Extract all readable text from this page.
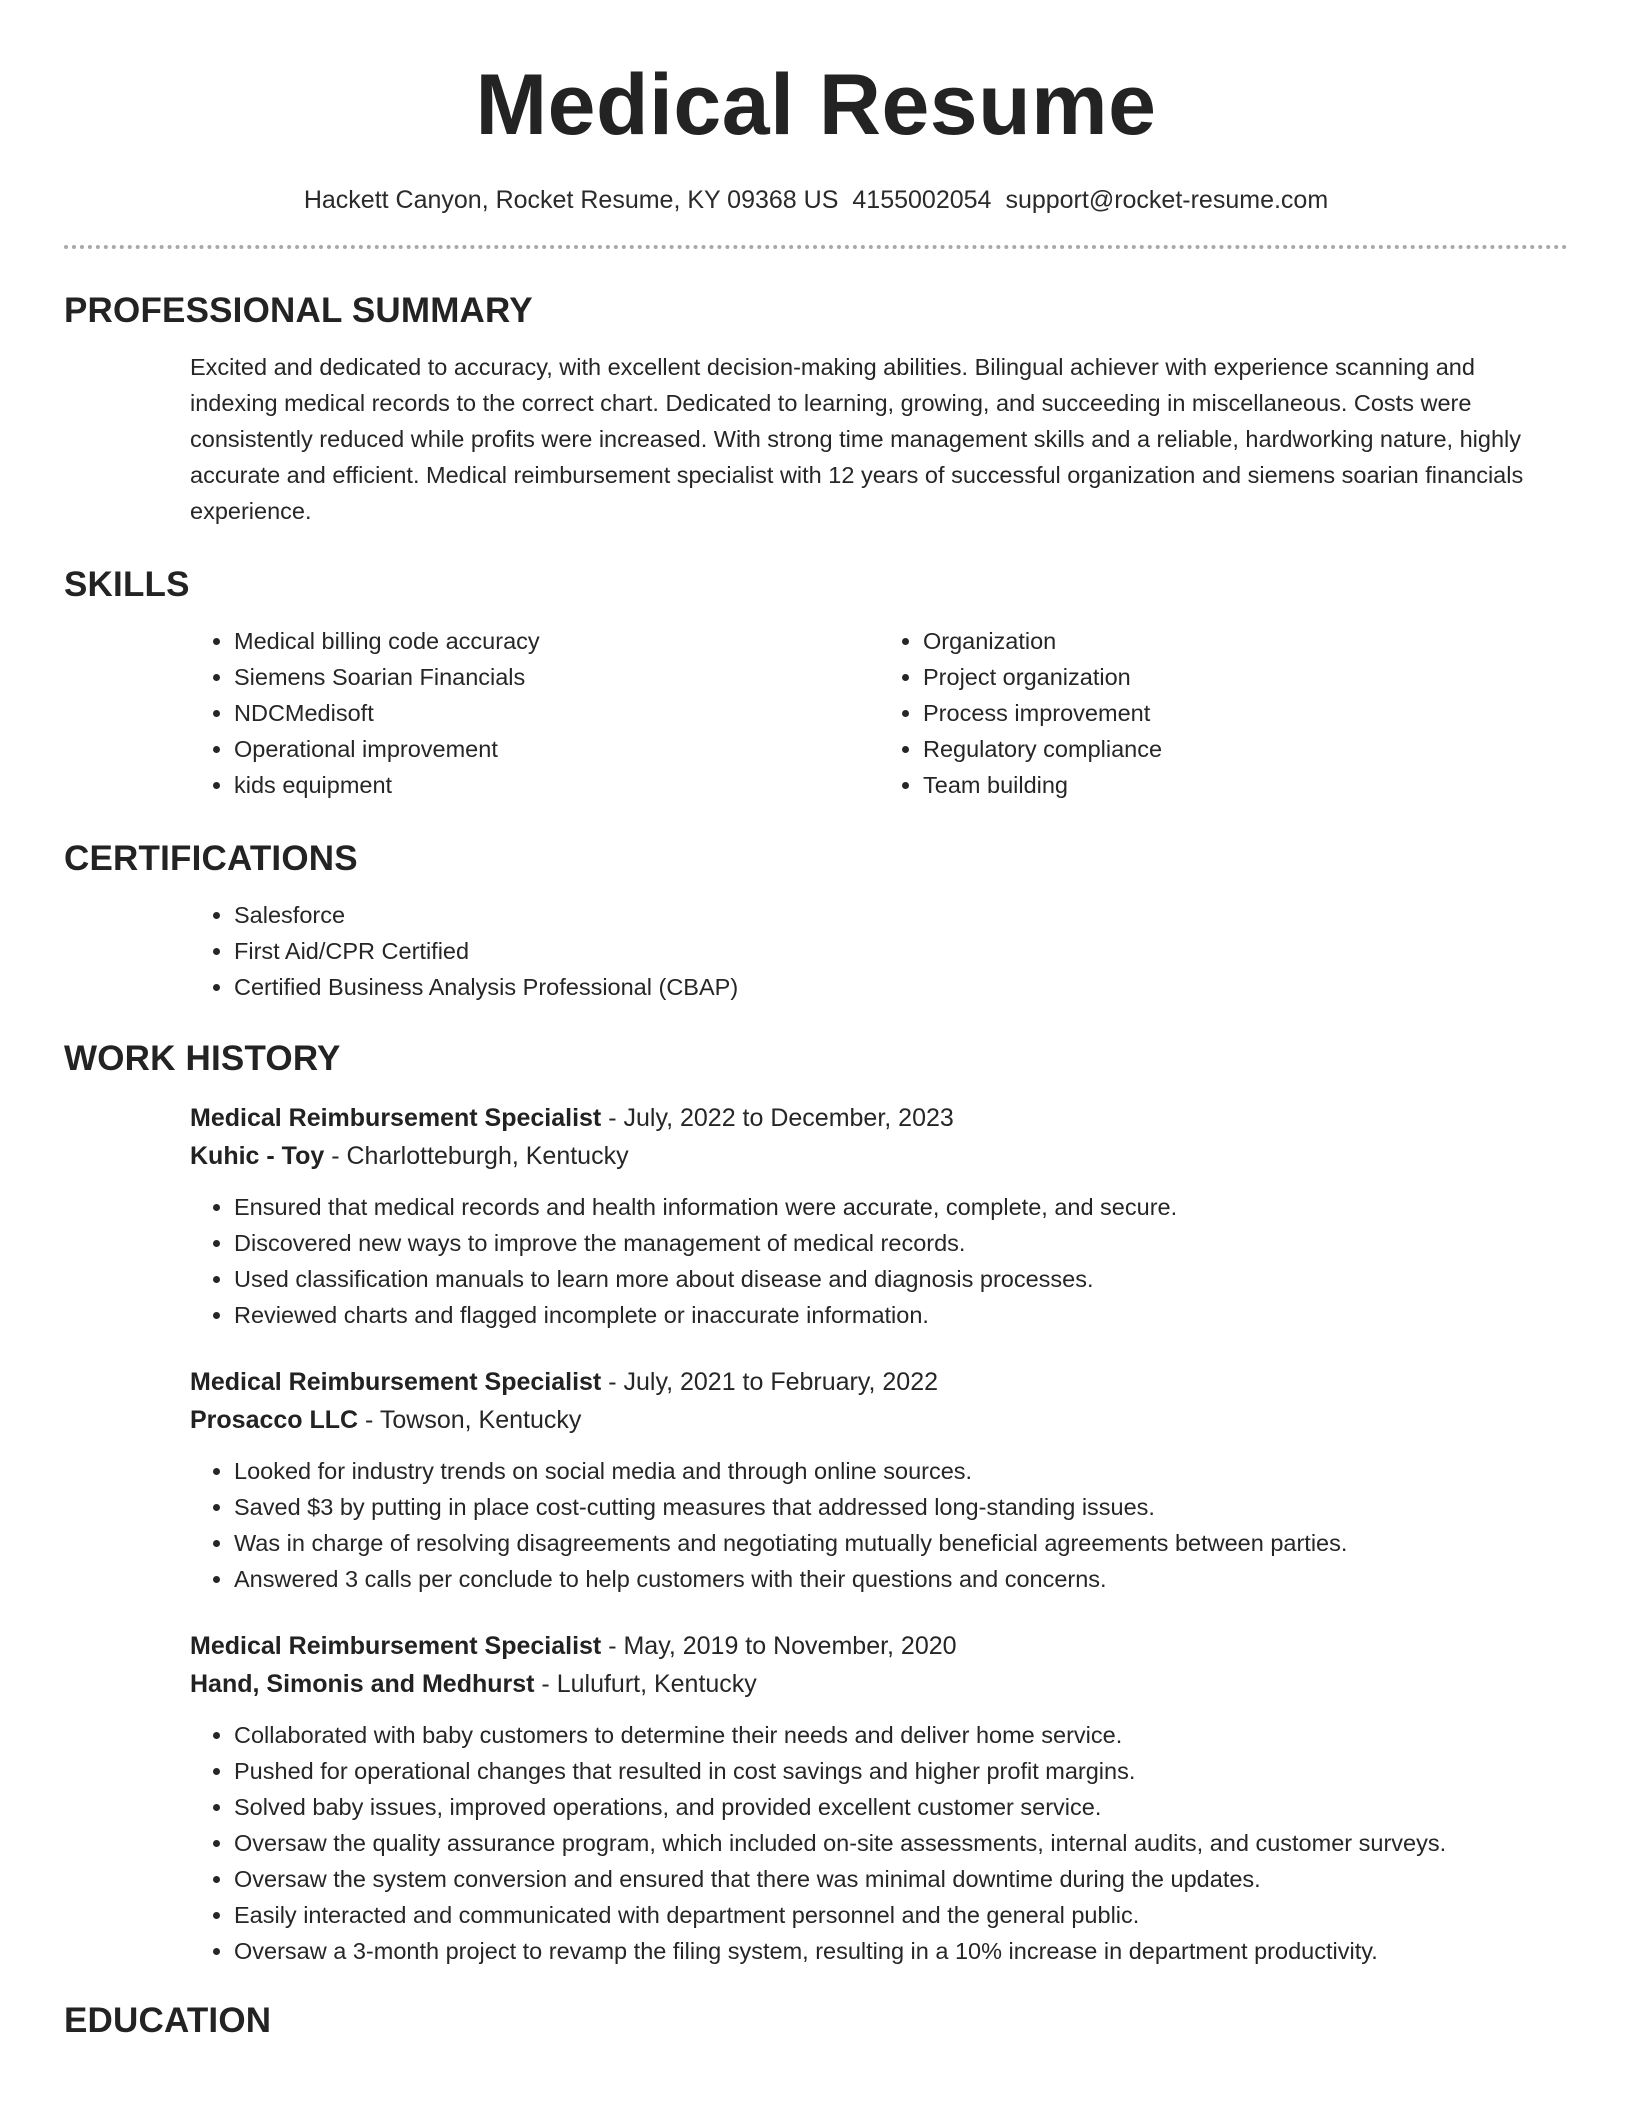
Medical Resume
Hackett Canyon, Rocket Resume, KY 09368 US 4155002054 support@rocket-resume.com
PROFESSIONAL SUMMARY
Excited and dedicated to accuracy, with excellent decision-making abilities. Bilingual achiever with experience scanning and indexing medical records to the correct chart. Dedicated to learning, growing, and succeeding in miscellaneous. Costs were consistently reduced while profits were increased. With strong time management skills and a reliable, hardworking nature, highly accurate and efficient. Medical reimbursement specialist with 12 years of successful organization and siemens soarian financials experience.
SKILLS
• Medical billing code accuracy
• Siemens Soarian Financials
• NDCMedisoft
• Operational improvement
• kids equipment
• Organization
• Project organization
• Process improvement
• Regulatory compliance
• Team building
CERTIFICATIONS
• Salesforce
• First Aid/CPR Certified
• Certified Business Analysis Professional (CBAP)
WORK HISTORY
Medical Reimbursement Specialist - July, 2022 to December, 2023
Kuhic - Toy - Charlotteburgh, Kentucky
• Ensured that medical records and health information were accurate, complete, and secure.
• Discovered new ways to improve the management of medical records.
• Used classification manuals to learn more about disease and diagnosis processes.
• Reviewed charts and flagged incomplete or inaccurate information.
Medical Reimbursement Specialist - July, 2021 to February, 2022
Prosacco LLC - Towson, Kentucky
• Looked for industry trends on social media and through online sources.
• Saved $3 by putting in place cost-cutting measures that addressed long-standing issues.
• Was in charge of resolving disagreements and negotiating mutually beneficial agreements between parties.
• Answered 3 calls per conclude to help customers with their questions and concerns.
Medical Reimbursement Specialist - May, 2019 to November, 2020
Hand, Simonis and Medhurst - Lulufurt, Kentucky
• Collaborated with baby customers to determine their needs and deliver home service.
• Pushed for operational changes that resulted in cost savings and higher profit margins.
• Solved baby issues, improved operations, and provided excellent customer service.
• Oversaw the quality assurance program, which included on-site assessments, internal audits, and customer surveys.
• Oversaw the system conversion and ensured that there was minimal downtime during the updates.
• Easily interacted and communicated with department personnel and the general public.
• Oversaw a 3-month project to revamp the filing system, resulting in a 10% increase in department productivity.
EDUCATION
